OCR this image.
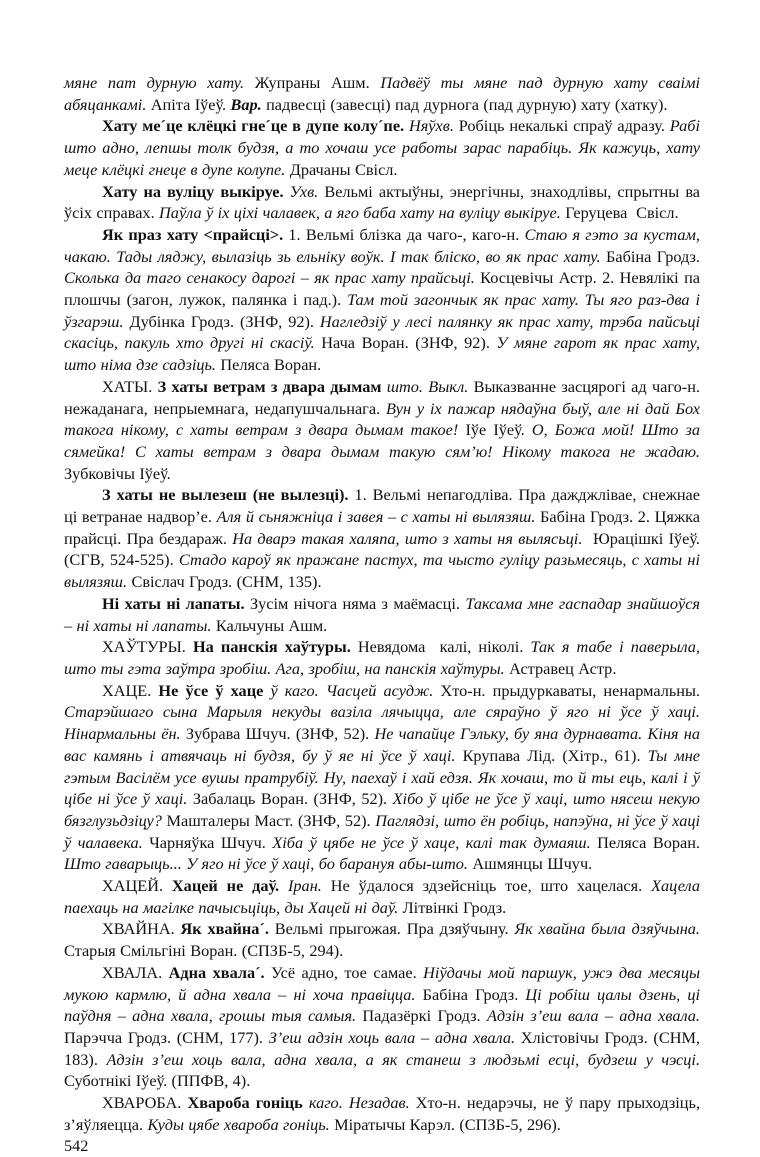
мяне пат дурную хату. Жупраны Ашм. Падвёў ты мяне пад дурную хату сваімі абяцанкамі. Апіта Іўеў. Вар. падвесці (завесці) пад дурнога (пад дурную) хату (хатку).

Хату ме´це клёцкі гне´це в дупе колу´пе. Няўхв. Робіць некалькі спраў адразу. Рабі што адно, лепшы толк будзя, а то хочаш усе работы зарас парабіць. Як кажуць, хату меце клёцкі гнеце в дупе колупе. Драчаны Свісл.

Хату на вуліцу выкіруе. Ухв. Вельмі актыўны, энергічны, знаходлівы, спрытны ва ўсіх справах. Паўла ў іх ціхі чалавек, а яго баба хату на вуліцу выкіруе. Геруцева  Свісл.

Як праз хату <прайсці>. 1. Вельмі блізка да чаго-, каго-н. Стаю я гэто за кустам, чакаю. Тады ляджу, вылазіць зь ельніку воўк. І так бліско, во як прас хату. Бабіна Гродз. Сколька да таго сенакосу дарогі – як прас хату прайсьці. Косцевічы Астр. 2. Невялікі па плошчы (загон, лужок, палянка і пад.). Там той загончык як прас хату. Ты яго раз-два і ўзгарэш. Дубінка Гродз. (ЗНФ, 92). Нагледзіў у лесі палянку як прас хату, трэба пайсьці скасіць, пакуль хто другі ні скасіў. Нача Воран. (ЗНФ, 92). У мяне гарот як прас хату, што німа дзе садзіць. Пеляса Воран.

ХАТЫ. З хаты ветрам з двара дымам што. Выкл. Выказванне засцярогі ад чаго-н. нежаданага, непрыемнага, недапушчальнага. Вун у іх пажар нядаўна быў, але ні дай Бох такога нікому, с хаты ветрам з двара дымам такое! Іўе Іўеў. О, Божа мой! Што за сямейка! С хаты ветрам з двара дымам такую сям’ю! Нікому такога не жадаю. Зубковічы Іўеў.

З хаты не вылезеш (не вылезці). 1. Вельмі непагодліва. Пра дажджлівае, снежнае ці ветранае надвор’е. Аля й сьняжніца і завея – с хаты ні вылязяш. Бабіна Гродз. 2. Цяжка прайсці. Пра бездараж. На дварэ такая халяпа, што з хаты ня вылясьці.  Юрацішкі Іўеў. (СГВ, 524-525). Стадо кароў як пражане пастух, та чысто гуліцу разьмесяць, с хаты ні вылязяш. Свіслач Гродз. (СНМ, 135).

Ні хаты ні лапаты. Зусім нічога няма з маёмасці. Таксама мне гаспадар знайшоўся – ні хаты ні лапаты. Кальчуны Ашм.

ХАЎТУРЫ. На панскія хаўтуры. Невядома  калі, ніколі. Так я табе і паверыла, што ты гэта заўтра зробіш. Ага, зробіш, на панскія хаўтуры. Астравец Астр.

ХАЦЕ. Не ўсе ў хаце ў каго. Часцей асудж. Хто-н. прыдуркаваты, ненармальны. Старэйшаго сына Марыля некуды вазіла лячыцца, але сяраўно ў яго ні ўсе ў хаці. Нінармальны ён. Зубрава Шчуч. (ЗНФ, 52). Не чапайце Гэльку, бу яна дурнавата. Кіня на вас камянь і атвячаць ні будзя, бу ў яе ні ўсе ў хаці. Крупава Лід. (Хітр., 61). Ты мне гэтым Васілём усе вушы пратрубіў. Ну, паехаў і хай едзя. Як хочаш, то й ты ець, калі і ў цібе ні ўсе ў хаці. Забалаць Воран. (ЗНФ, 52). Хібо ў цібе не ўсе ў хаці, што нясеш некую бязглузьдзіцу? Машталеры Маст. (ЗНФ, 52). Паглядзі, што ён робіць, напэўна, ні ўсе ў хаці ў чалавека. Чарняўка Шчуч. Хіба ў цябе не ўсе ў хаце, калі так думаяш. Пеляса Воран. Што гаварыць... У яго ні ўсе ў хаці, бо барануя абы-што. Ашмянцы Шчуч.

ХАЦЕЙ. Хацей не даў. Іран. Не ўдалося здзейсніць тое, што хацелася. Хацела паехаць на магілке пачысьціць, ды Хацей ні даў. Літвінкі Гродз.

ХВАЙНА. Як хвайна´. Вельмі прыгожая. Пра дзяўчыну. Як хвайна была дзяўчына. Старыя Смільгіні Воран. (СПЗБ-5, 294).

ХВАЛА. Адна хвала´. Усё адно, тое самае. Ніўдачы мой паршук, ужэ два месяцы мукою кармлю, й адна хвала – ні хоча правіцца. Бабіна Гродз. Ці робіш цалы дзень, ці паўдня – адна хвала, грошы тыя самыя. Падазёркі Гродз. Адзін з’еш вала – адна хвала. Парэчча Гродз. (СНМ, 177). З’еш адзін хоць вала – адна хвала. Хлістовічы Гродз. (СНМ, 183). Адзін з’еш хоць вала, адна хвала, а як станеш з людзьмі есці, будзеш у чэсці. Суботнікі Іўеў. (ППФВ, 4).

ХВАРОБА. Хвароба гоніць каго. Незадав. Хто-н. недарэчы, не ў пару прыходзіць, з’яўляецца. Куды цябе хвароба гоніць. Міратычы Карэл. (СПЗБ-5, 296).

542
